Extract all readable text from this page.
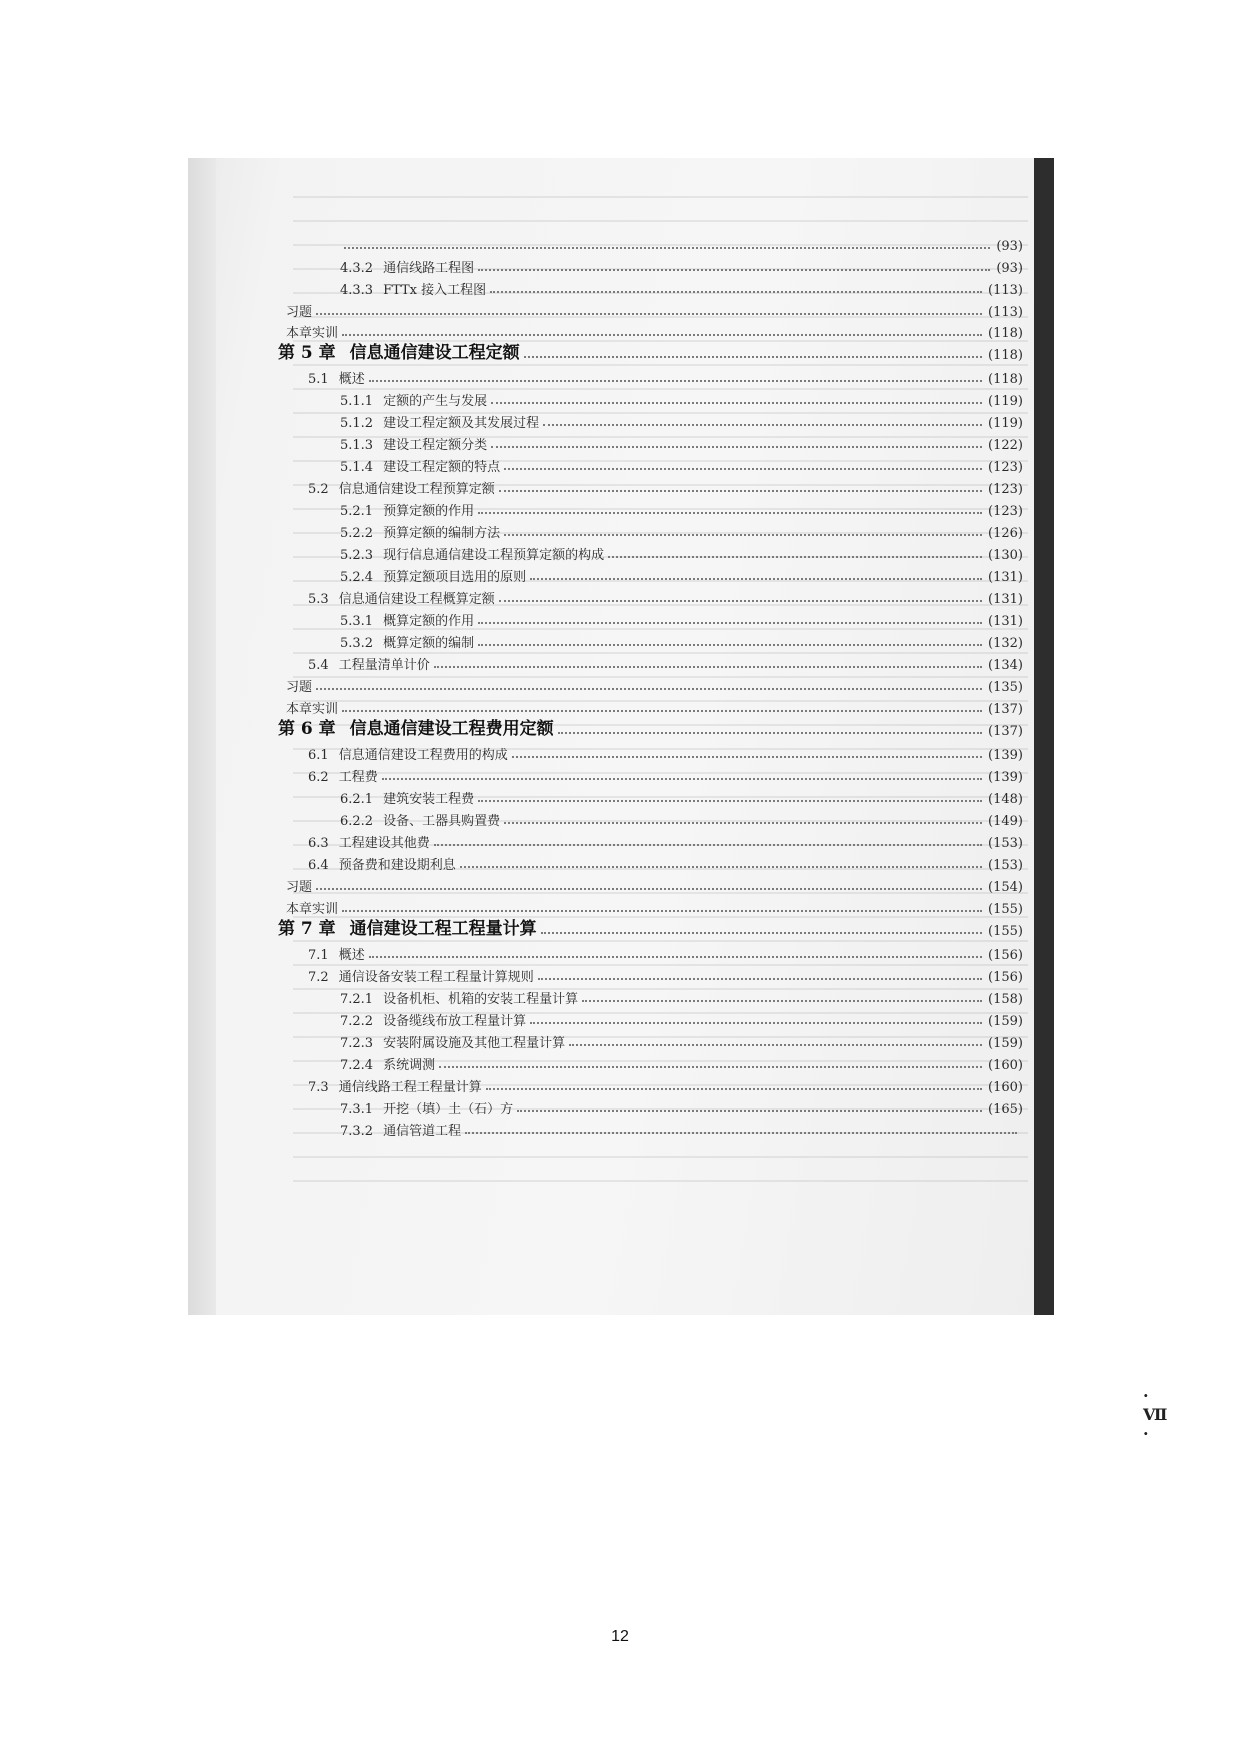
(93)
4.3.2 通信线路工程图	(93)
4.3.3 FTTx 接入工程图	(113)
习题	(113)
本章实训	(118)
第 5 章 信息通信建设工程定额	(118)
5.1 概述	(118)
5.1.1 定额的产生与发展	(119)
5.1.2 建设工程定额及其发展过程	(119)
5.1.3 建设工程定额分类	(122)
5.1.4 建设工程定额的特点	(123)
5.2 信息通信建设工程预算定额	(123)
5.2.1 预算定额的作用	(123)
5.2.2 预算定额的编制方法	(126)
5.2.3 现行信息通信建设工程预算定额的构成	(130)
5.2.4 预算定额项目选用的原则	(131)
5.3 信息通信建设工程概算定额	(131)
5.3.1 概算定额的作用	(131)
5.3.2 概算定额的编制	(132)
5.4 工程量清单计价	(134)
习题	(135)
本章实训	(137)
第 6 章 信息通信建设工程费用定额	(137)
6.1 信息通信建设工程费用的构成	(139)
6.2 工程费	(139)
6.2.1 建筑安装工程费	(148)
6.2.2 设备、工器具购置费	(149)
6.3 工程建设其他费	(153)
6.4 预备费和建设期利息	(153)
习题	(154)
本章实训	(155)
第 7 章 通信建设工程工程量计算	(155)
7.1 概述	(156)
7.2 通信设备安装工程工程量计算规则	(156)
7.2.1 设备机柜、机箱的安装工程量计算	(158)
7.2.2 设备缆线布放工程量计算	(159)
7.2.3 安装附属设施及其他工程量计算	(159)
7.2.4 系统调测	(160)
7.3 通信线路工程工程量计算	(160)
7.3.1 开挖（填）土（石）方	(165)
7.3.2 通信管道工程
· Ⅶ ·
12
